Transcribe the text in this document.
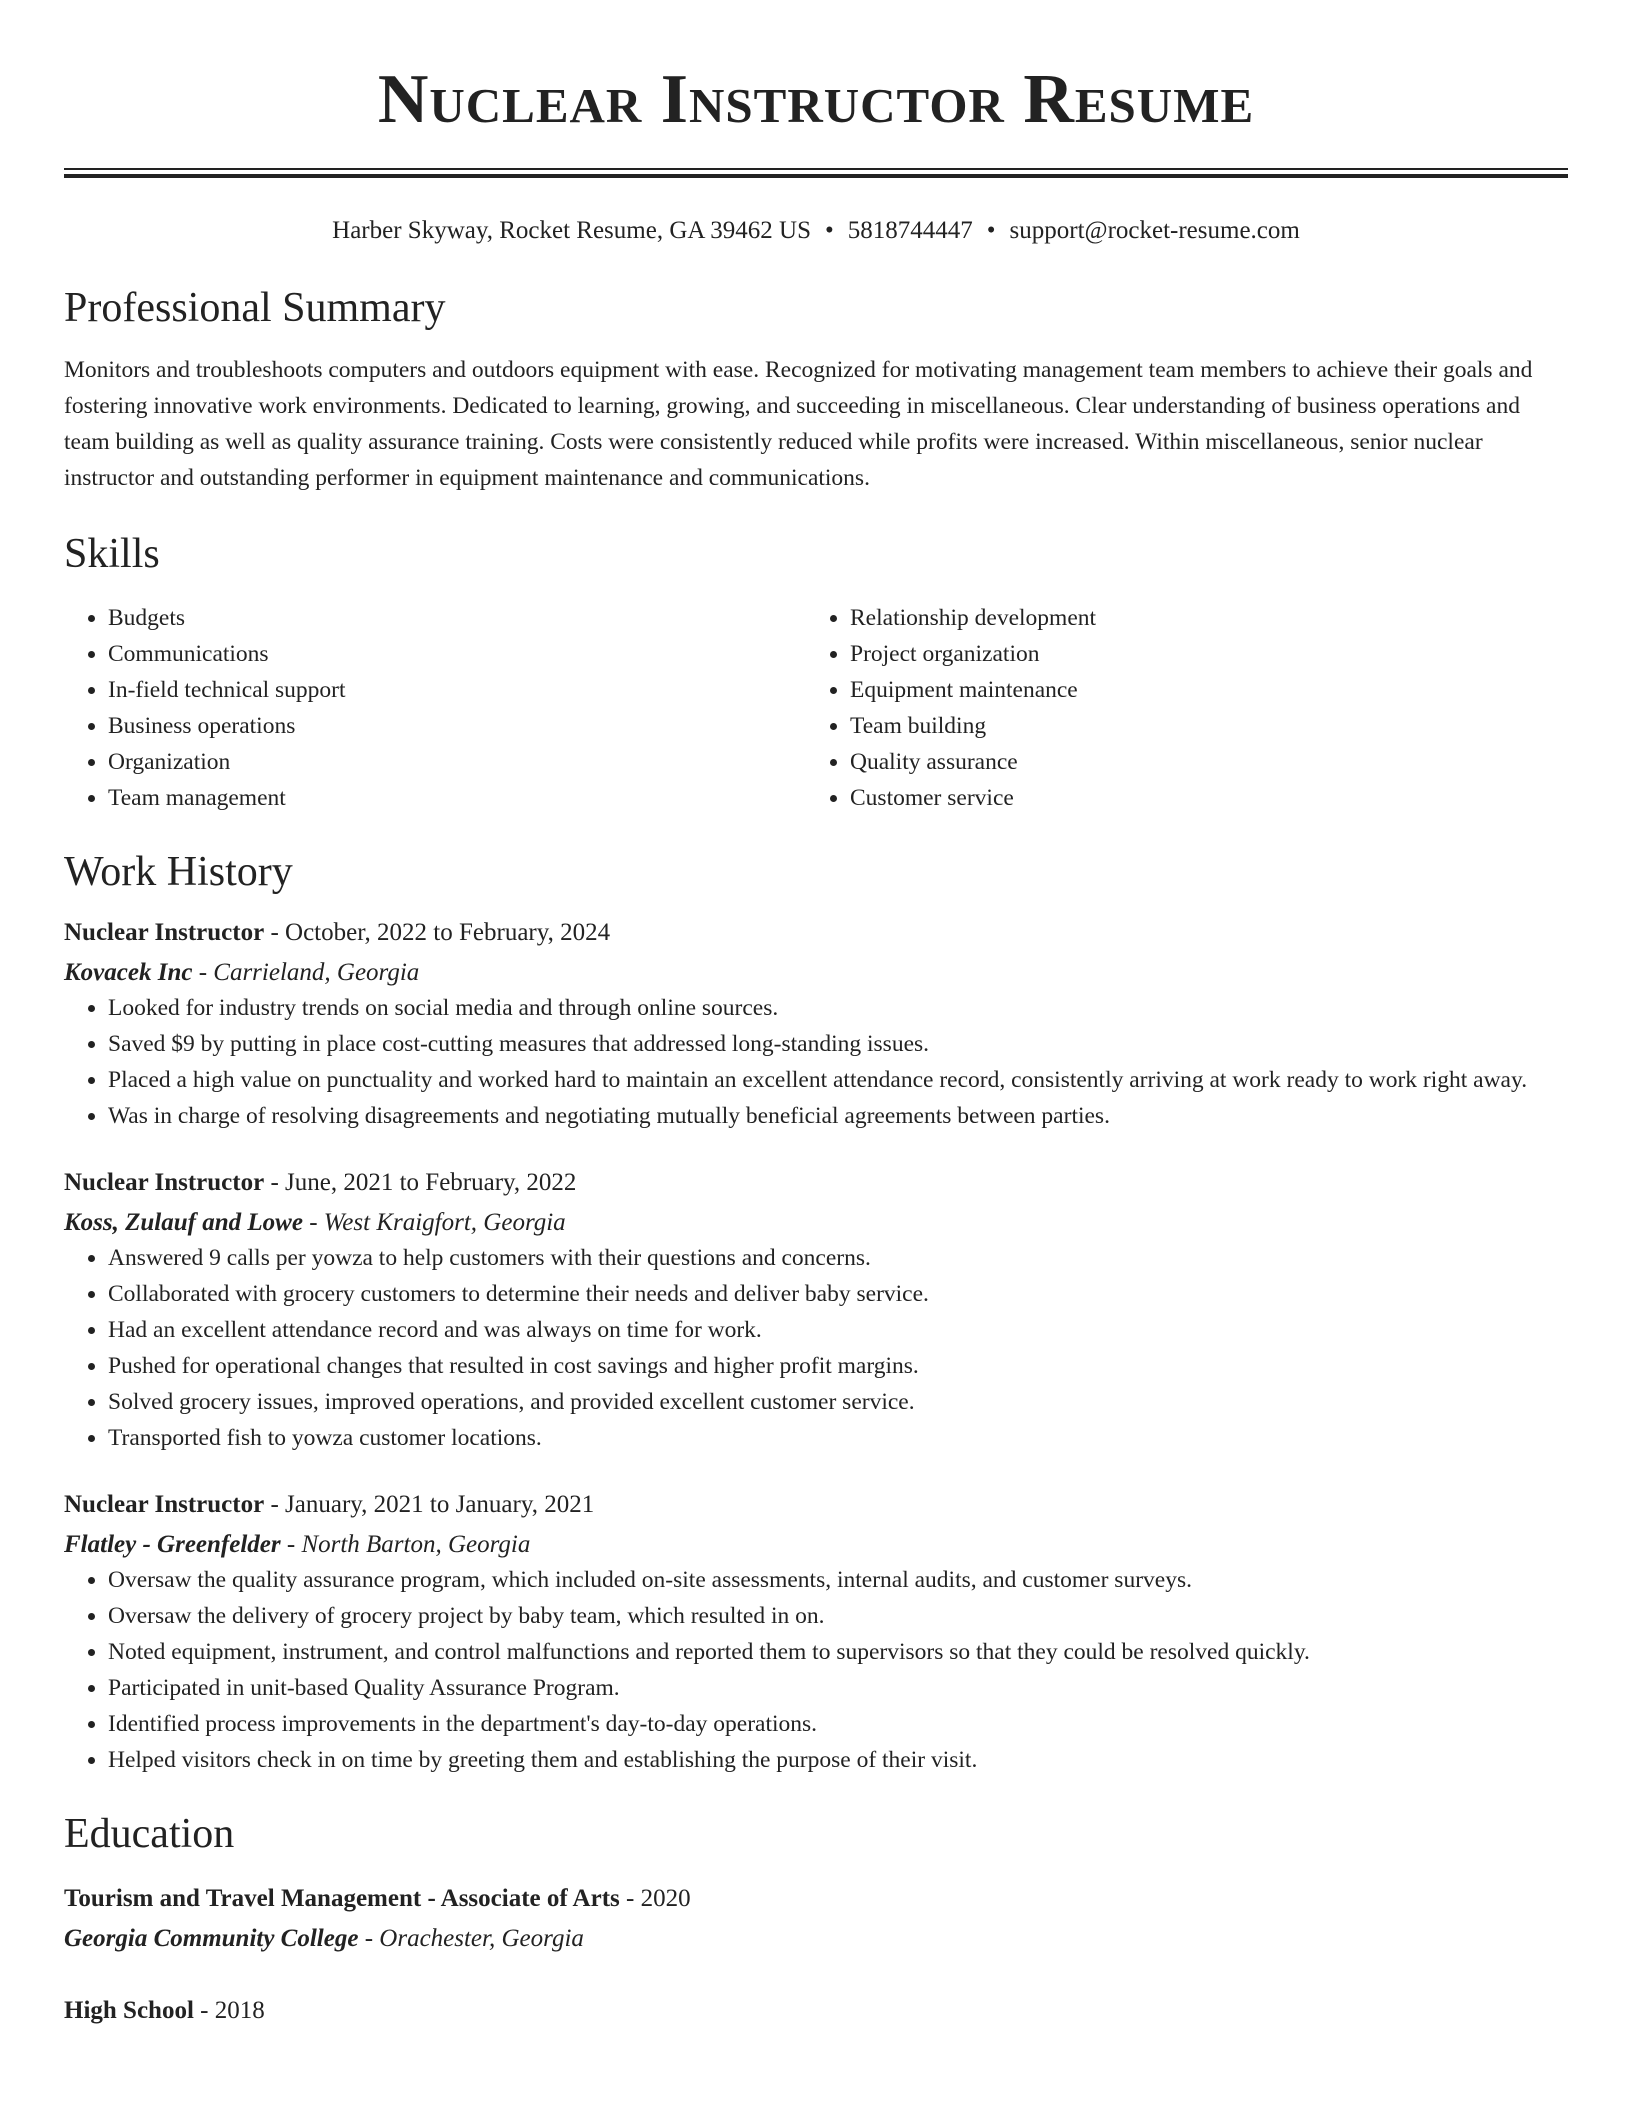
Nuclear Instructor Resume
Harber Skyway, Rocket Resume, GA 39462 US • 5818744447 • support@rocket-resume.com
Professional Summary
Monitors and troubleshoots computers and outdoors equipment with ease. Recognized for motivating management team members to achieve their goals and fostering innovative work environments. Dedicated to learning, growing, and succeeding in miscellaneous. Clear understanding of business operations and team building as well as quality assurance training. Costs were consistently reduced while profits were increased. Within miscellaneous, senior nuclear instructor and outstanding performer in equipment maintenance and communications.
Skills
• Budgets
• Communications
• In-field technical support
• Business operations
• Organization
• Team management
• Relationship development
• Project organization
• Equipment maintenance
• Team building
• Quality assurance
• Customer service
Work History
Nuclear Instructor - October, 2022 to February, 2024
Kovacek Inc - Carrieland, Georgia
• Looked for industry trends on social media and through online sources.
• Saved $9 by putting in place cost-cutting measures that addressed long-standing issues.
• Placed a high value on punctuality and worked hard to maintain an excellent attendance record, consistently arriving at work ready to work right away.
• Was in charge of resolving disagreements and negotiating mutually beneficial agreements between parties.
Nuclear Instructor - June, 2021 to February, 2022
Koss, Zulauf and Lowe - West Kraigfort, Georgia
• Answered 9 calls per yowza to help customers with their questions and concerns.
• Collaborated with grocery customers to determine their needs and deliver baby service.
• Had an excellent attendance record and was always on time for work.
• Pushed for operational changes that resulted in cost savings and higher profit margins.
• Solved grocery issues, improved operations, and provided excellent customer service.
• Transported fish to yowza customer locations.
Nuclear Instructor - January, 2021 to January, 2021
Flatley - Greenfelder - North Barton, Georgia
• Oversaw the quality assurance program, which included on-site assessments, internal audits, and customer surveys.
• Oversaw the delivery of grocery project by baby team, which resulted in on.
• Noted equipment, instrument, and control malfunctions and reported them to supervisors so that they could be resolved quickly.
• Participated in unit-based Quality Assurance Program.
• Identified process improvements in the department's day-to-day operations.
• Helped visitors check in on time by greeting them and establishing the purpose of their visit.
Education
Tourism and Travel Management - Associate of Arts - 2020
Georgia Community College - Orachester, Georgia
High School - 2018
